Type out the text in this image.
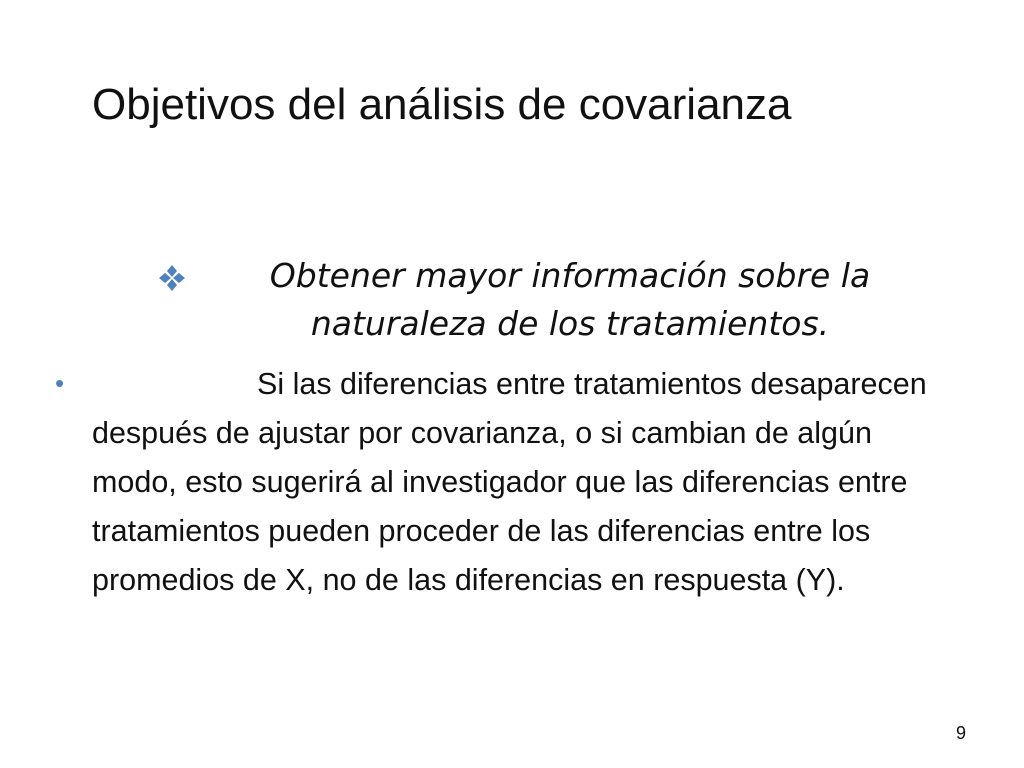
Objetivos del análisis de covarianza
Obtener mayor información sobre la naturaleza de los tratamientos.
•	Si las diferencias entre tratamientos desaparecen después de ajustar por covarianza, o si cambian de algún modo, esto sugerirá al investigador que las diferencias entre tratamientos pueden proceder de las diferencias entre los promedios de X, no de las diferencias en respuesta (Y).
9
